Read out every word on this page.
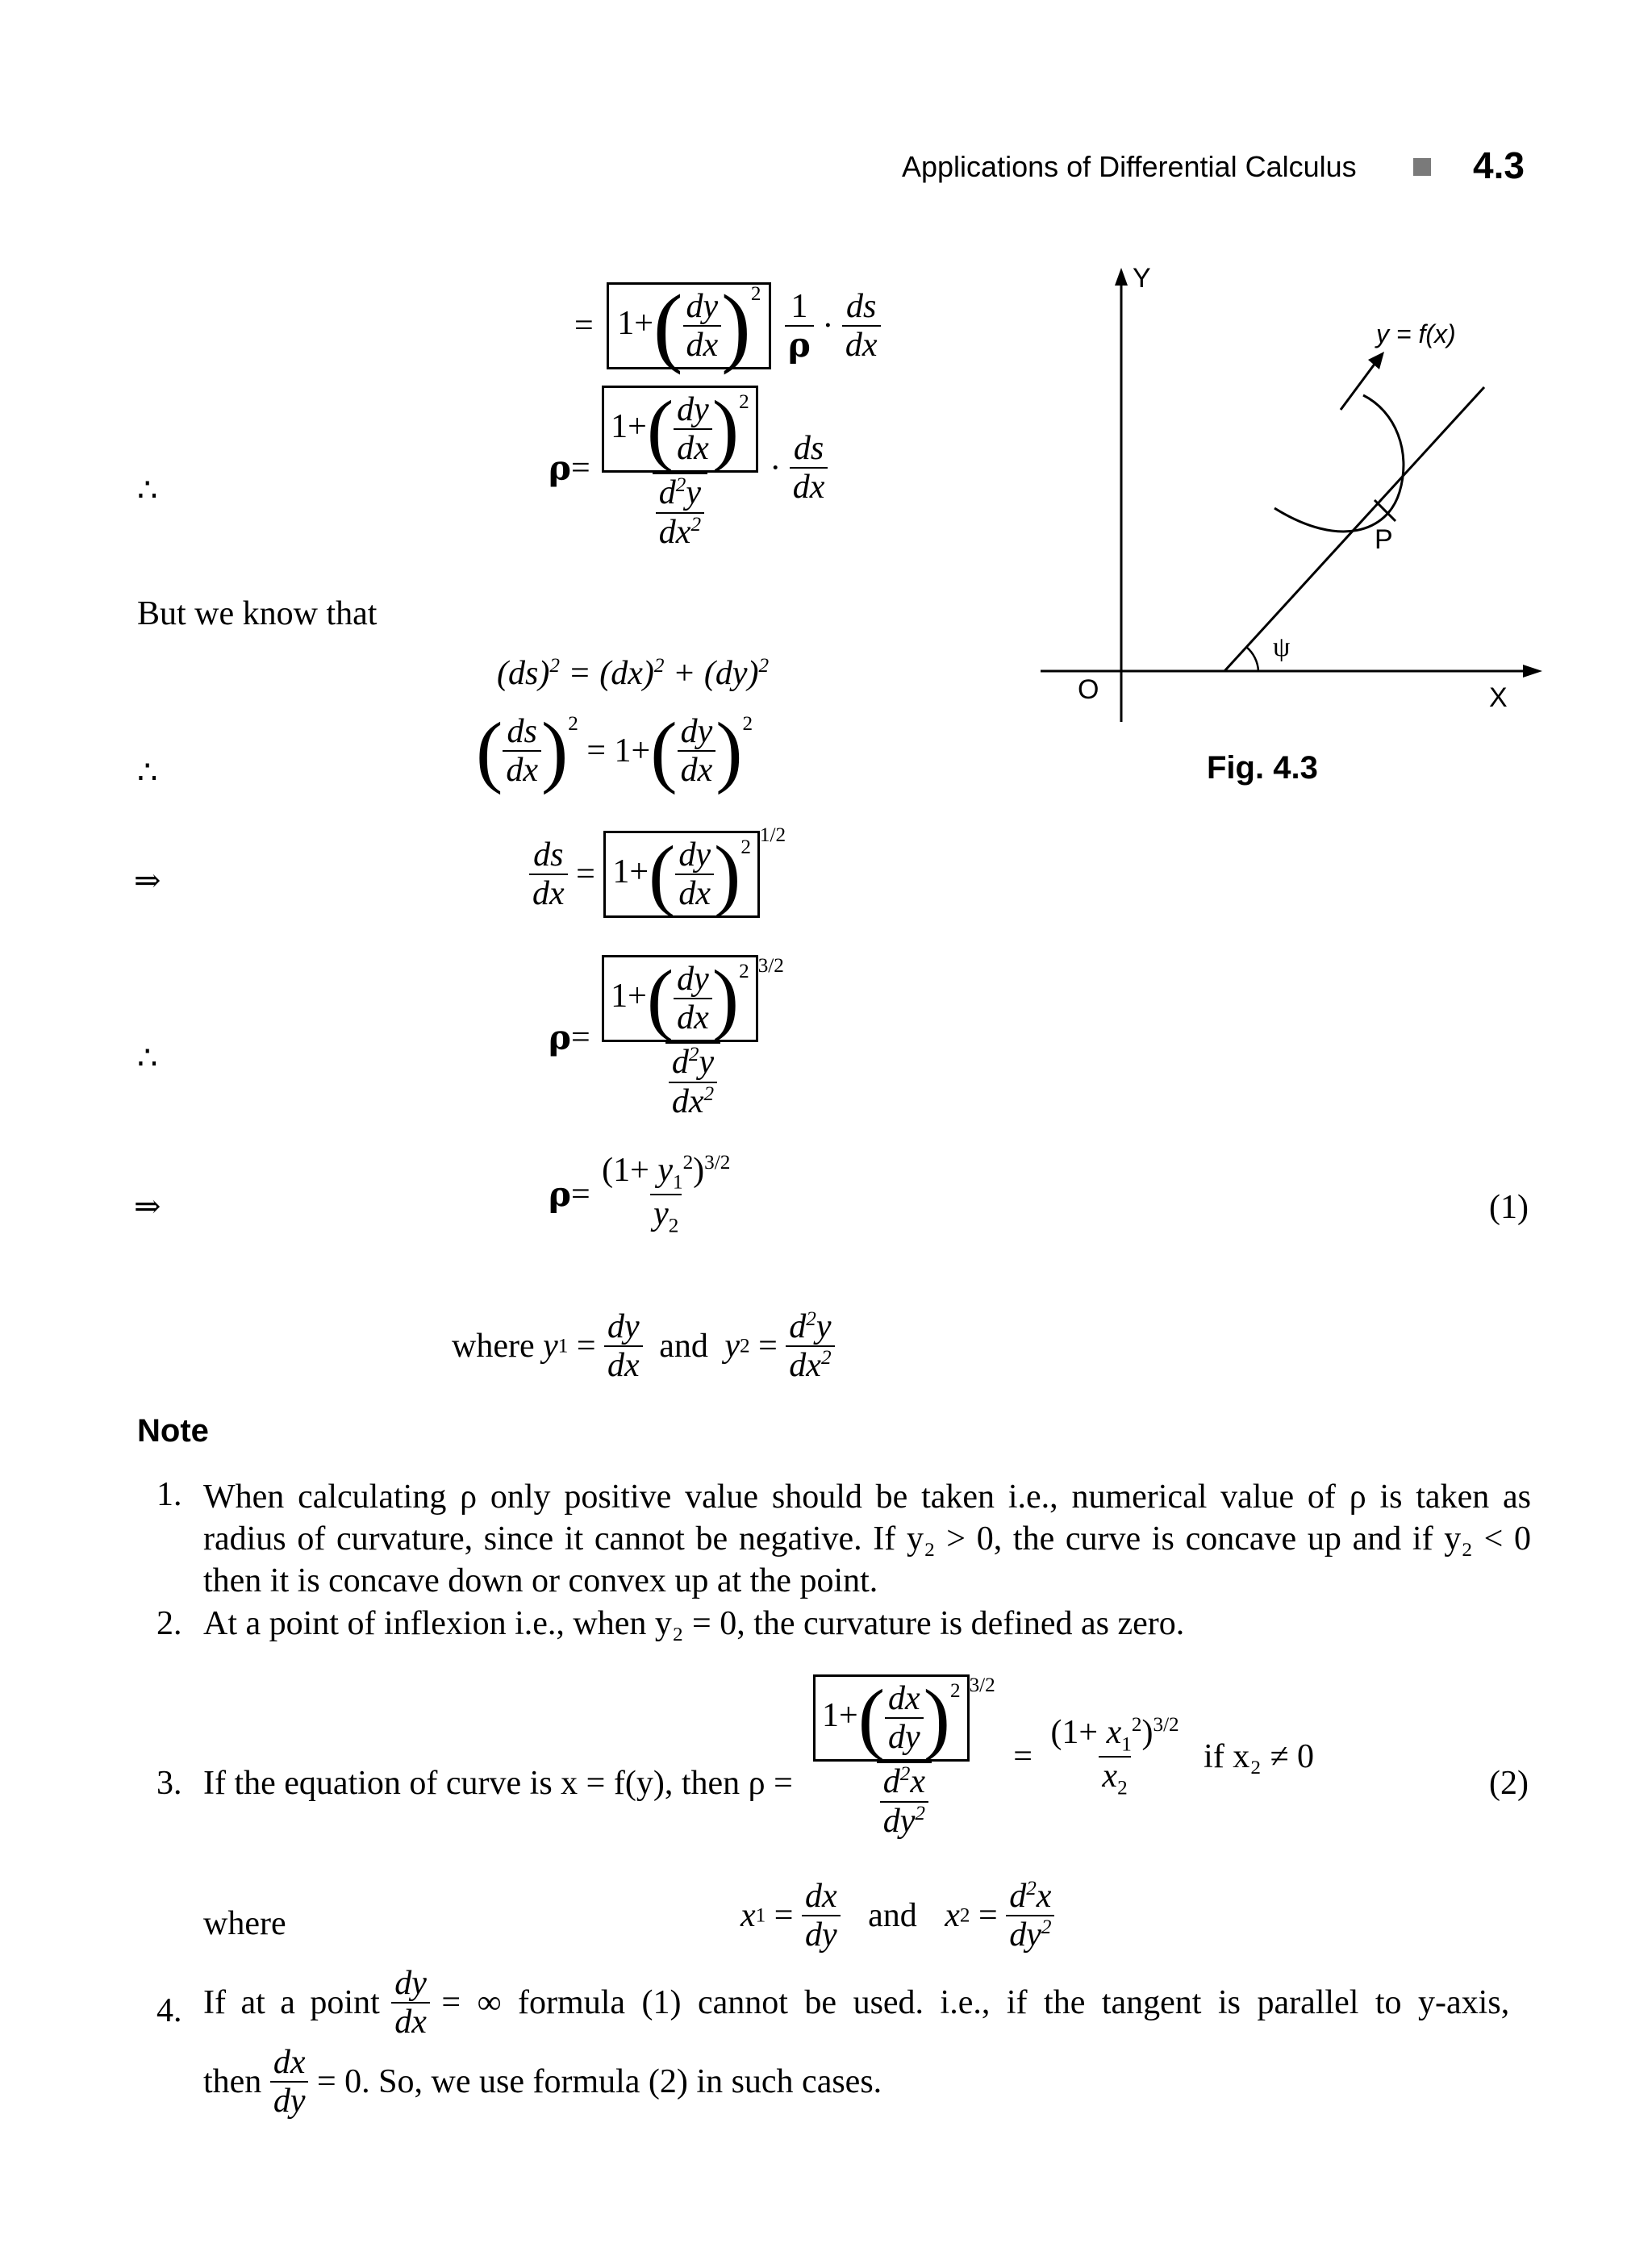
Applications of Differential Calculus	4.3
= $1+( \frac{dy}{dx} )^2 \frac{1}{\rho} \cdot \frac{ds}{dx}$
∴
$\rho= \frac{1+( \frac{dy}{dx} )^2}{\frac{d^2y}{dx^2}} \cdot \frac{ds}{dx}$
But we know that
(ds)$^2$ = (dx)$^2$ + (dy)$^2$
∴	( $\frac{ds}{dx} )^2 = 1+( \frac{dy}{dx} )^2$
⇒	$\frac{ds}{dx} = 1+( \frac{dy}{dx} )^{21/2}$
∴
$\rho= \frac{1+( \frac{dy}{dx} )^2 ^{3/2}}{\frac{d^2y}{dx^2}}$
⇒	$\rho= \frac{(1+ y_1^2)^{3/2}}{y_2}$	(1)
where $y1 = \frac{dy}{dx}$ and $y2 = \frac{d^2y}{dx^2}$
Note
1. When calculating ρ only positive value should be taken i.e., numerical value of ρ is taken as radius of curvature, since it cannot be negative. If y₂ > 0, the curve is concave up and if y₂ < 0 then it is concave down or convex up at the point.
2. At a point of inflexion i.e., when y₂ = 0, the curvature is defined as zero.
3. If the equation of curve is x = f(y), then $\rho = \frac{1+( \frac{dx}{dy} )^2 ^{3/2}}{\frac{d^2x}{dy^2}} = \frac{(1+ x_1^2)^{3/2}}{x_2}$ if x₂ ≠ 0
(2)
where	$x1 = \frac{dx}{dy}$ and $x2 = \frac{d^2x}{dy^2}$
4. If at a point $\frac{dy}{dx}$ = ∞ formula (1) cannot be used. i.e., if the tangent is parallel to y-axis,
then $\frac{dx}{dy} = 0$. So, we use formula (2) in such cases.
Y
X
O
P
ψ
y = f(x)
Fig. 4.3
